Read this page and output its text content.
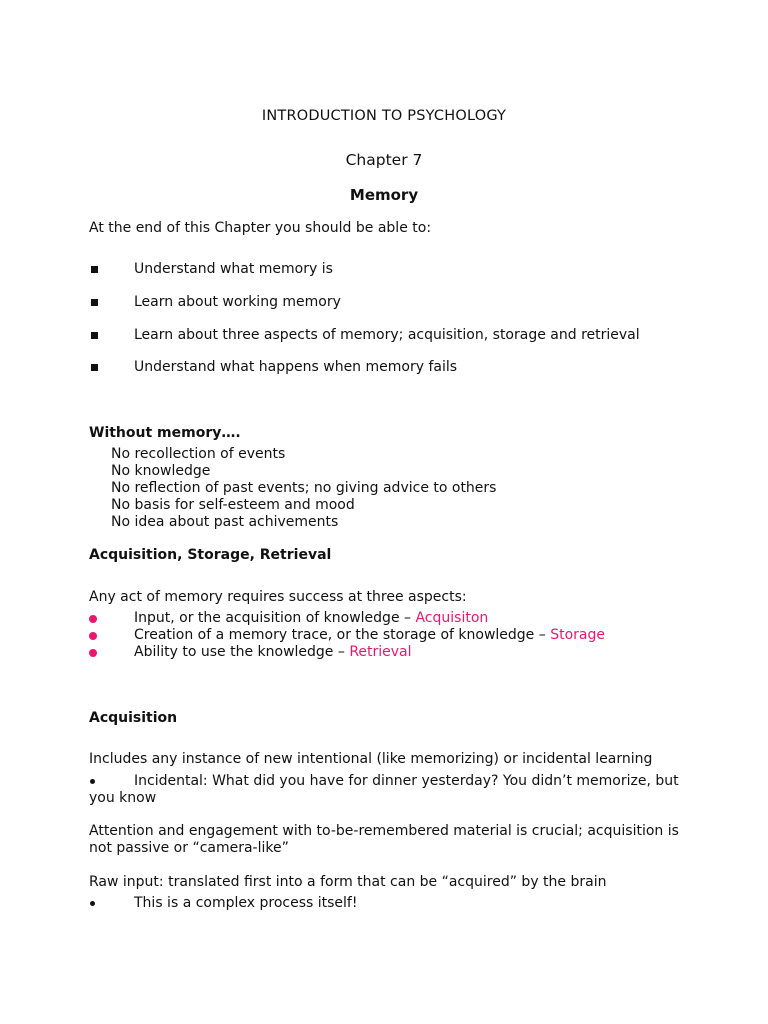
INTRODUCTION TO PSYCHOLOGY
Chapter 7
Memory
At the end of this Chapter you should be able to:
Understand what memory is
Learn about working memory
Learn about three aspects of memory; acquisition, storage and retrieval
Understand what happens when memory fails
Without memory….
No recollection of events
No knowledge
No reflection of past events; no giving advice to others
No basis for self-esteem and mood
No idea about past achivements
Acquisition, Storage, Retrieval
Any act of memory requires success at three aspects:
Input, or the acquisition of knowledge – Acquisiton
Creation of a memory trace, or the storage of knowledge – Storage
Ability to use the knowledge – Retrieval
Acquisition
Includes any instance of new intentional (like memorizing) or incidental learning
Incidental: What did you have for dinner yesterday? You didn’t memorize, but
you know
Attention and engagement with to-be-remembered material is crucial; acquisition is
not passive or “camera-like”
Raw input: translated first into a form that can be “acquired” by the brain
This is a complex process itself!
